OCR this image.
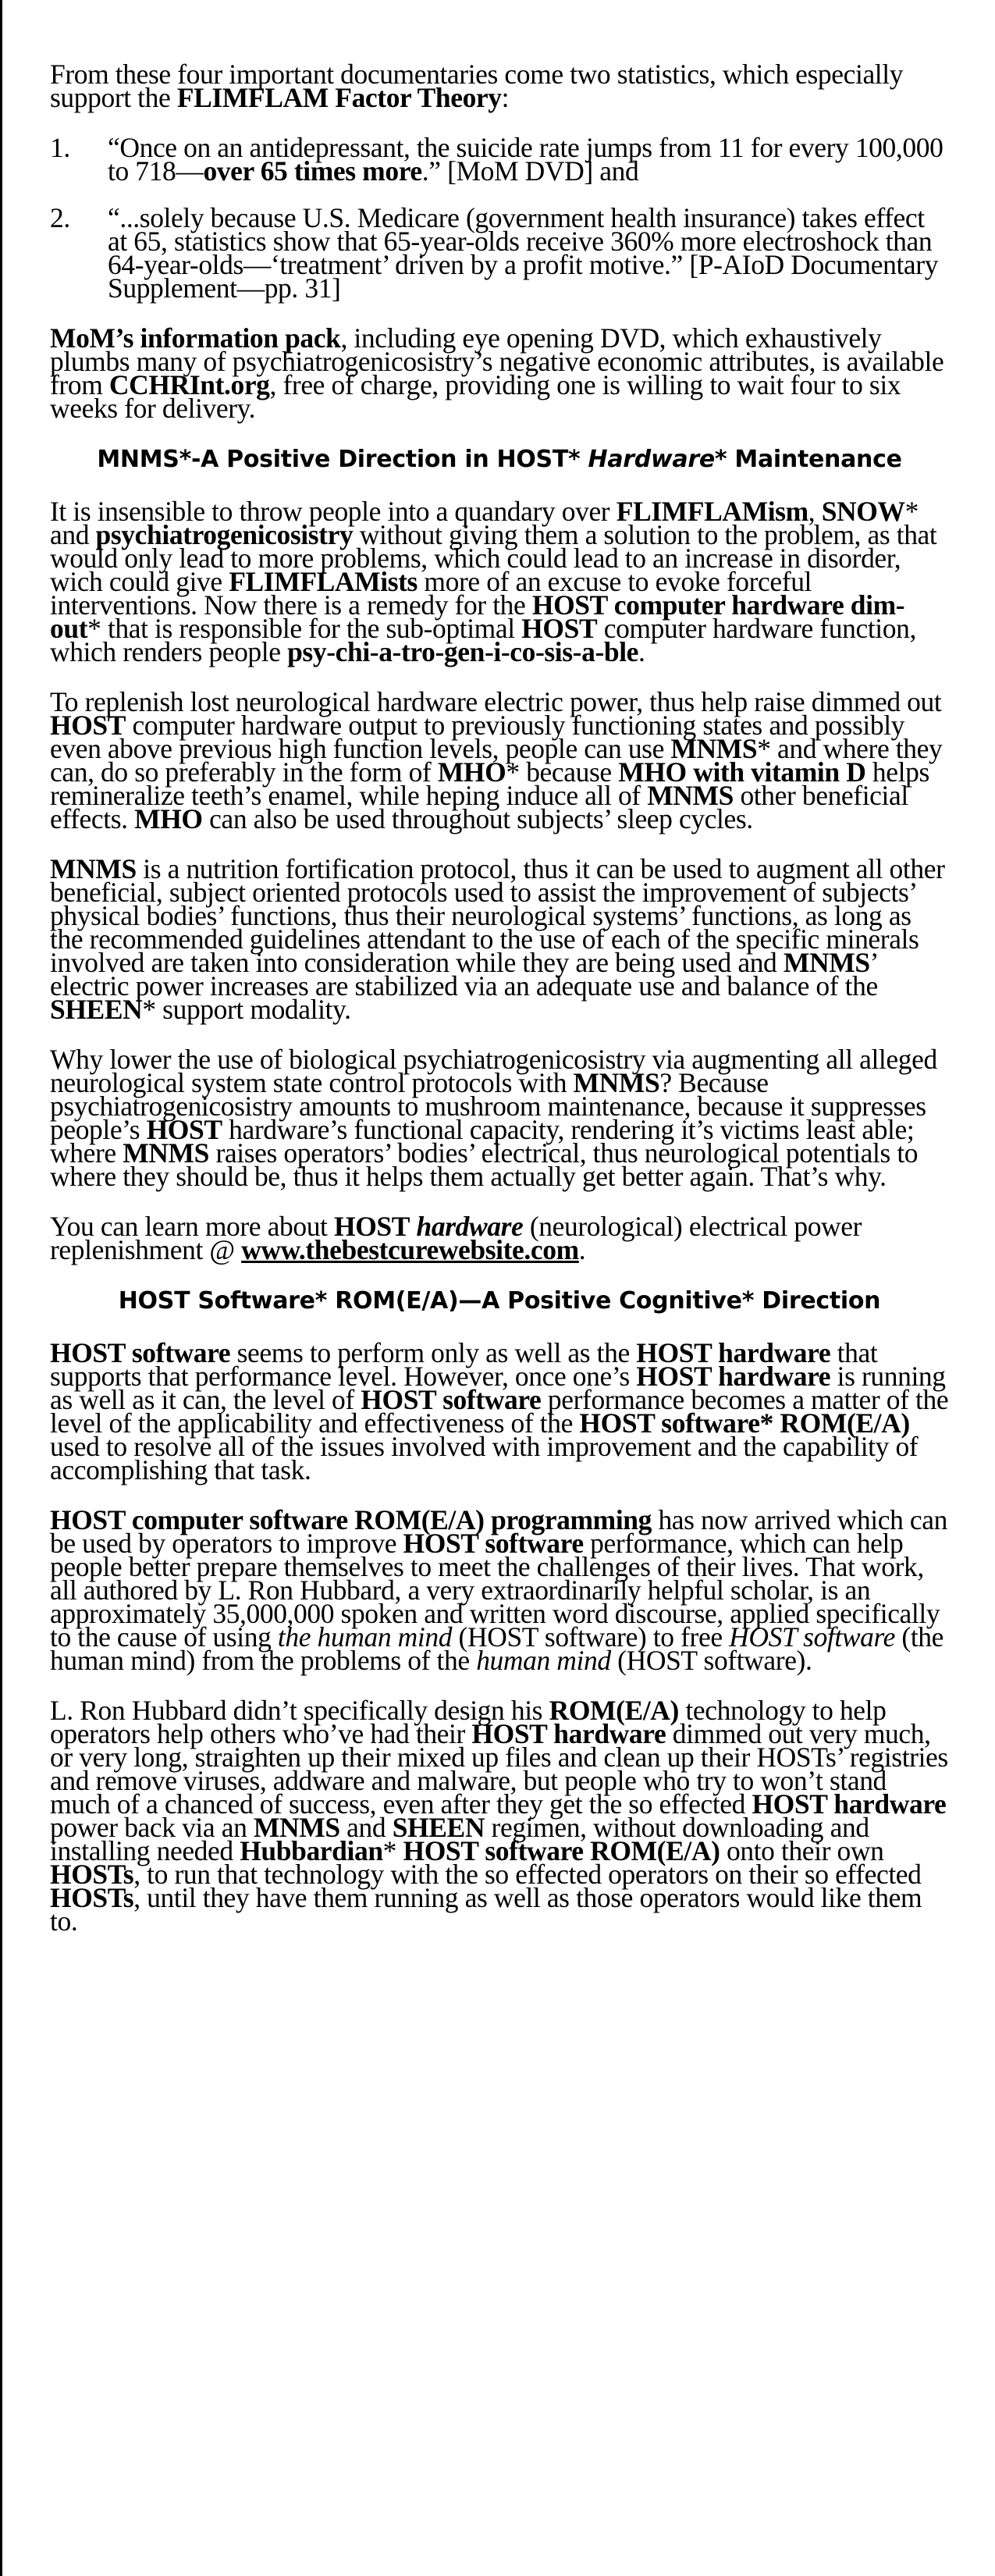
From these four important documentaries come two statistics, which especially support the FLIMFLAM Factor Theory:

1.	“Once on an antidepressant, the suicide rate jumps from 11 for every 100,000 to 718—over 65 times more.” [MoM DVD] and
2.	“...solely because U.S. Medicare (government health insurance) takes effect at 65, statistics show that 65-year-olds receive 360% more electroshock than 64-year-olds—‘treatment’ driven by a profit motive.” [P-AIoD Documentary Supplement—pp. 31]

MoM’s information pack, including eye opening DVD, which exhaustively plumbs many of psychiatrogenicosistry’s negative economic attributes, is available from CCHRInt.org, free of charge, providing one is willing to wait four to six weeks for delivery.

MNMS*-A Positive Direction in HOST* Hardware* Maintenance

It is insensible to throw people into a quandary over FLIMFLAMism, SNOW* and psychiatrogenicosistry without giving them a solution to the problem, as that would only lead to more problems, which could lead to an increase in disorder, wich could give FLIMFLAMists more of an excuse to evoke forceful interventions. Now there is a remedy for the HOST computer hardware dim-out* that is responsible for the sub-optimal HOST computer hardware function, which renders people psy-chi-a-tro-gen-i-co-sis-a-ble.

To replenish lost neurological hardware electric power, thus help raise dimmed out HOST computer hardware output to previously functioning states and possibly even above previous high function levels, people can use MNMS* and where they can, do so preferably in the form of MHO* because MHO with vitamin D helps remineralize teeth’s enamel, while heping induce all of MNMS other beneficial effects. MHO can also be used throughout subjects’ sleep cycles.

MNMS is a nutrition fortification protocol, thus it can be used to augment all other beneficial, subject oriented protocols used to assist the improvement of subjects’ physical bodies’ functions, thus their neurological systems’ functions, as long as the recommended guidelines attendant to the use of each of the specific minerals involved are taken into consideration while they are being used and MNMS’ electric power increases are stabilized via an adequate use and balance of the SHEEN* support modality.

Why lower the use of biological psychiatrogenicosistry via augmenting all alleged neurological system state control protocols with MNMS? Because psychiatrogenicosistry amounts to mushroom maintenance, because it suppresses people’s HOST hardware’s functional capacity, rendering it’s victims least able; where MNMS raises operators’ bodies’ electrical, thus neurological potentials to where they should be, thus it helps them actually get better again. That’s why.

You can learn more about HOST hardware (neurological) electrical power replenishment @ www.thebestcurewebsite.com.

HOST Software* ROM(E/A)—A Positive Cognitive* Direction

HOST software seems to perform only as well as the HOST hardware that supports that performance level. However, once one’s HOST hardware is running as well as it can, the level of HOST software performance becomes a matter of the level of the applicability and effectiveness of the HOST software* ROM(E/A) used to resolve all of the issues involved with improvement and the capability of accomplishing that task.

HOST computer software ROM(E/A) programming has now arrived which can be used by operators to improve HOST software performance, which can help people better prepare themselves to meet the challenges of their lives. That work, all authored by L. Ron Hubbard, a very extraordinarily helpful scholar, is an approximately 35,000,000 spoken and written word discourse, applied specifically to the cause of using the human mind (HOST software) to free HOST software (the human mind) from the problems of the human mind (HOST software).

L. Ron Hubbard didn’t specifically design his ROM(E/A) technology to help operators help others who’ve had their HOST hardware dimmed out very much, or very long, straighten up their mixed up files and clean up their HOSTs’ registries and remove viruses, addware and malware, but people who try to won’t stand much of a chanced of success, even after they get the so effected HOST hardware power back via an MNMS and SHEEN regimen, without downloading and installing needed Hubbardian* HOST software ROM(E/A) onto their own HOSTs, to run that technology with the so effected operators on their so effected HOSTs, until they have them running as well as those operators would like them to.
